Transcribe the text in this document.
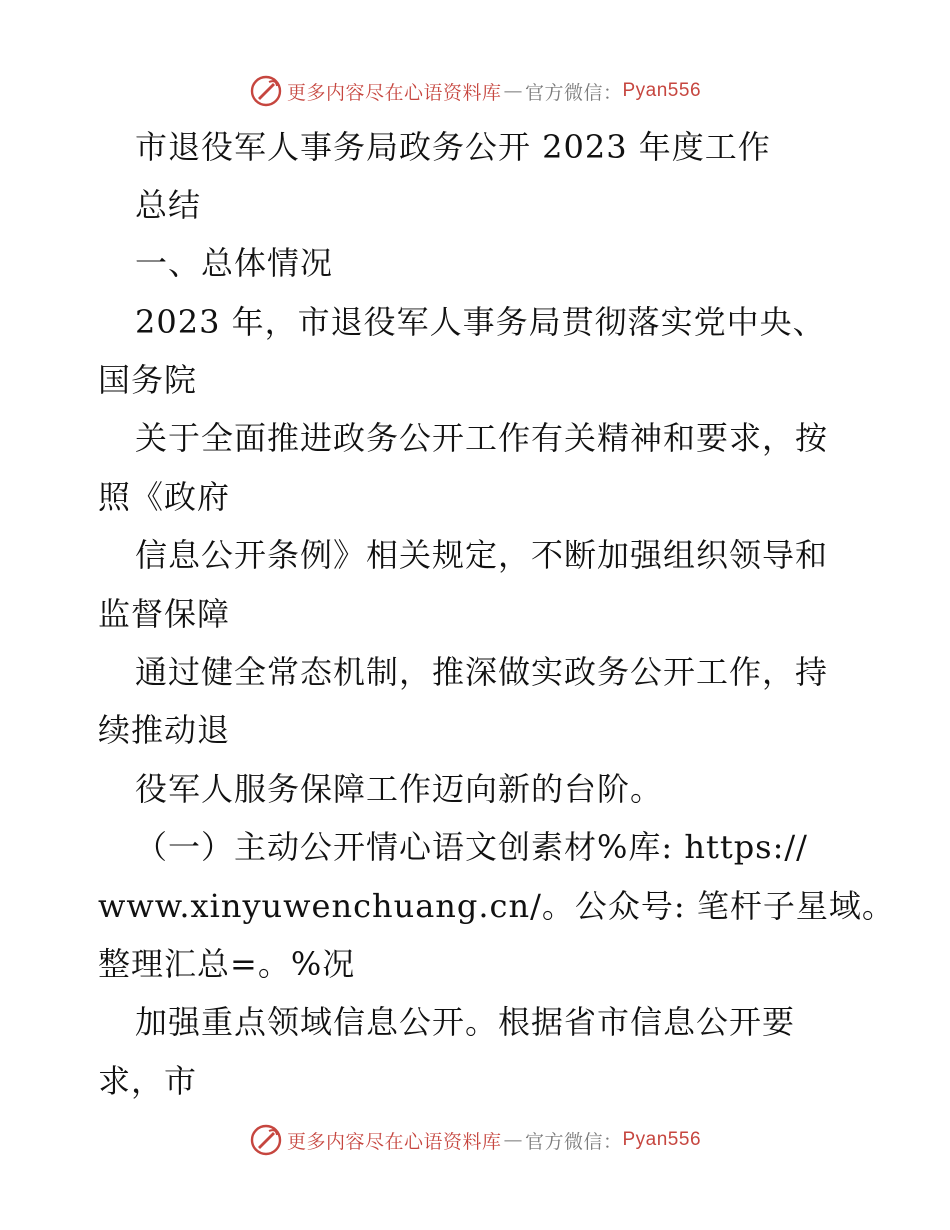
更多内容尽在心语资料库 — 官方微信： Pyan556
市退役军人事务局政务公开 2023 年度工作
总结
一、总体情况
2023 年，市退役军人事务局贯彻落实党中央、
国务院
关于全面推进政务公开工作有关精神和要求，按
照《政府
信息公开条例》相关规定，不断加强组织领导和
监督保障
通过健全常态机制，推深做实政务公开工作，持
续推动退
役军人服务保障工作迈向新的台阶。
（一）主动公开情心语文创素材%库: https://
www.xinyuwenchuang.cn/。公众号: 笔杆子星域。
整理汇总=。%况
加强重点领域信息公开。根据省市信息公开要
求，市
更多内容尽在心语资料库 — 官方微信： Pyan556
